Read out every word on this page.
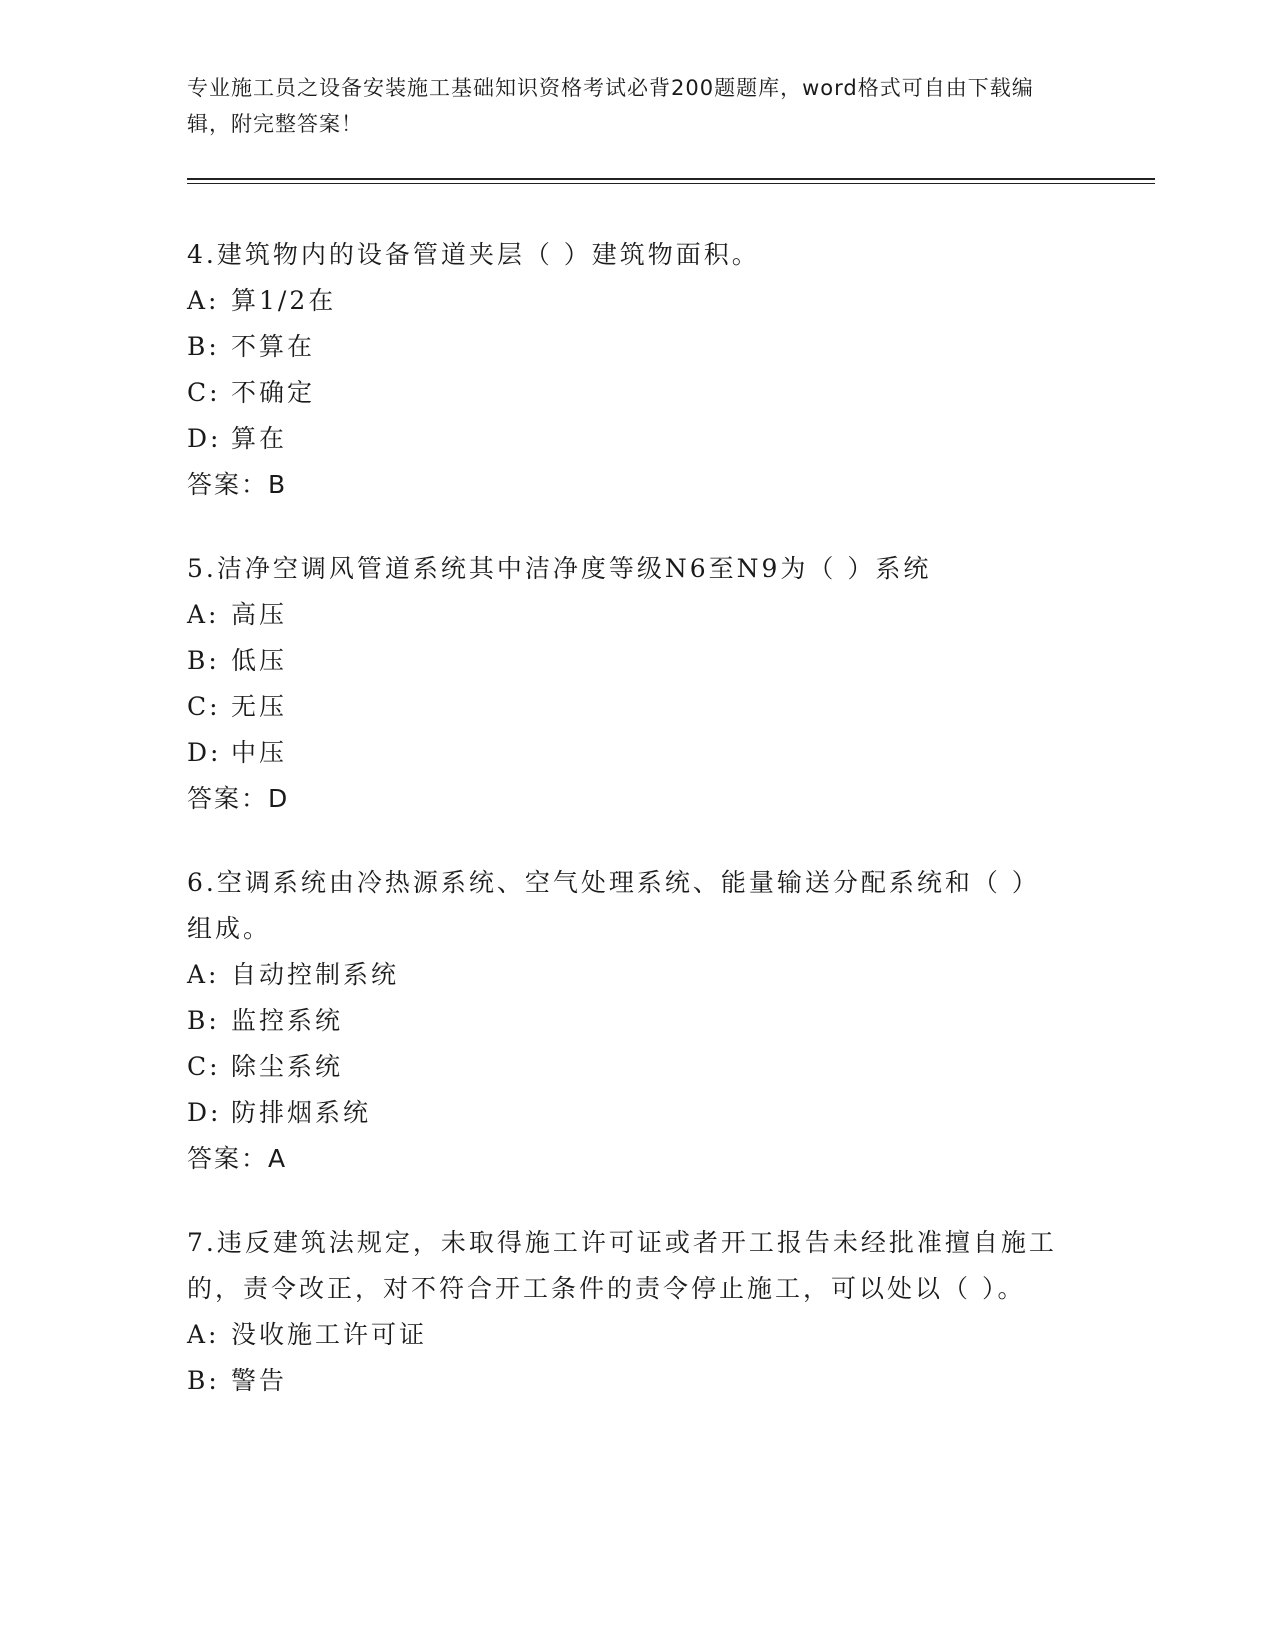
专业施工员之设备安装施工基础知识资格考试必背200题题库，word格式可自由下载编辑，附完整答案！

4.建筑物内的设备管道夹层（ ）建筑物面积。

A: 算1/2在

B: 不算在

C: 不确定

D: 算在

答案：B

5.洁净空调风管道系统其中洁净度等级N6至N9为（ ）系统

A: 高压

B: 低压

C: 无压

D: 中压

答案：D

6.空调系统由冷热源系统、空气处理系统、能量输送分配系统和（ ）组成。

A: 自动控制系统

B: 监控系统

C: 除尘系统

D: 防排烟系统

答案：A

7.违反建筑法规定，未取得施工许可证或者开工报告未经批准擅自施工的，责令改正，对不符合开工条件的责令停止施工，可以处以（ ）。

A: 没收施工许可证

B: 警告
